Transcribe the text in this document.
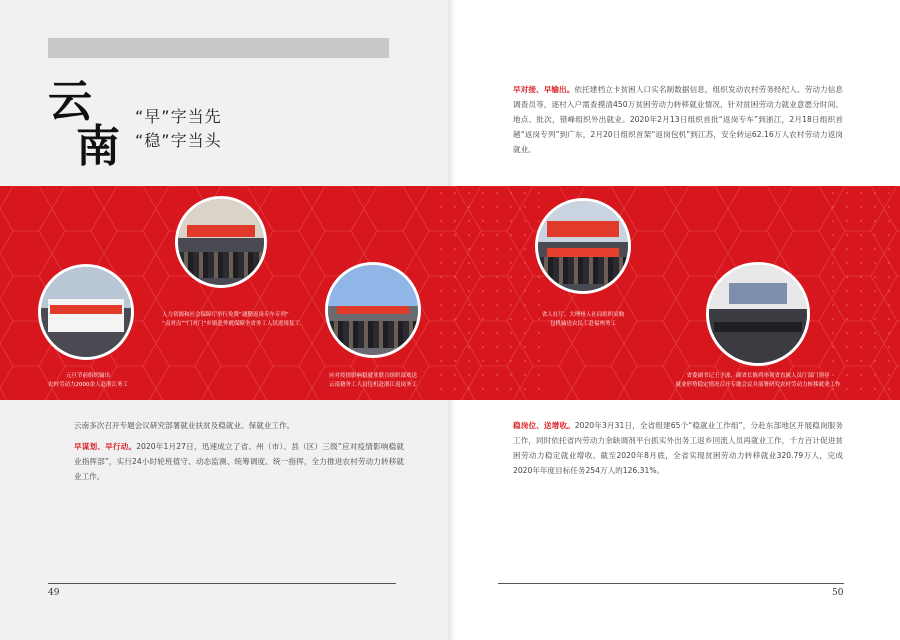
云
南
“早”字当先
“稳”字当头
早对接、早输出。依托建档立卡贫困人口实名制数据信息，组织发动农村劳务经纪人、劳动力信息调查员等，逐村入户需查摸清450万贫困劳动力转移就业情况，针对贫困劳动力就业意愿分时间、地点、批次，错峰组织外出就业。2020年2月13日组织首批“返岗专车”到浙江，2月18日组织首趟“返岗专列”到广东，2月20日组织首架“返岗包机”到江苏，安全转运62.16万人农村劳动力返岗就业。
元旦节前组织输出
农村劳动力2000余人赴浙江务工
人力资源和社会保障厅举行免费“通勤返岗专车专列”
“点对点”“门对门”乡镇赴外就保障全省务工人员返岗复工
应对疫情影响稳就业联合组织部欢送
云南籍务工人员包机赴浙江返岗务工
省人社厅、大理州人社局组织采购
包机输送农民工赴福州务工
省委副书记王予波、副省长陈舜率领省直属人员厅部门领导
就业形势稳定情况召开专题会议并部署研究农村劳动力转移就业工作
云南多次召开专题会议研究部署就业扶贫及稳就业、保就业工作。
早谋划、早行动。2020年1月27日，迅速成立了省、州（市）、县（区）三级“应对疫情影响稳就业指挥部”，实行24小时轮班值守、动态监测、统筹调度、统一指挥，全力推进农村劳动力转移就业工作。
稳岗位、送增收。2020年3月31日，全省组建65个“稳就业工作组”，分赴东部地区开展稳岗服务工作，同时依托省内劳动力余缺调剂平台抓实外出务工返乡回流人员再就业工作，千方百计促进贫困劳动力稳定就业增收。截至2020年8月底，全省实现贫困劳动力转移就业320.79万人，完成2020年年度目标任务254万人的126.31%。
49	50
